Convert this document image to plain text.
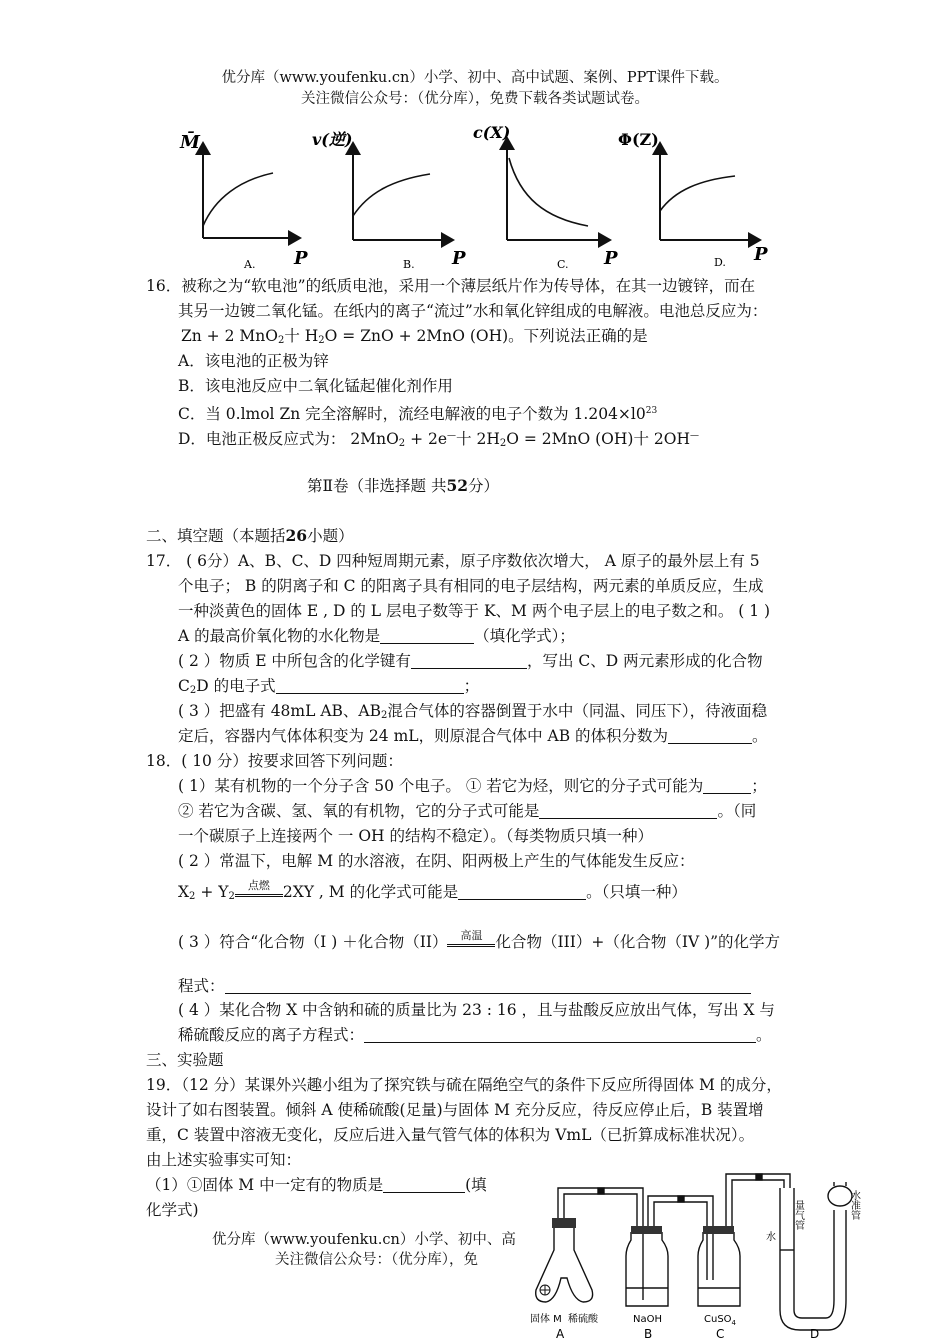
优分库（www.youfenku.cn）小学、初中、高中试题、案例、PPT课件下载。
关注微信公众号：（优分库），免费下载各类试题试卷。
M̄
P
A.
v(逆)
P
B.
c(X)
P
C.
Φ(Z)
P
D.
16．被称之为“软电池”的纸质电池，采用一个薄层纸片作为传导体，在其一边镀锌，而在
其另一边镀二氧化锰。在纸内的离子“流过”水和氧化锌组成的电解液。电池总反应为：
Zn + 2 MnO$_2$十 $H_2O$ = ZnO + 2MnO (OH)。下列说法正确的是
A．该电池的正极为锌
B．该电池反应中二氧化锰起催化剂作用
C．当 0.lmol Zn 完全溶解时，流经电解液的电子个数为 $1.204\times l0^{23}$
D．电池正极反应式为： 2MnO$_2$ + 2e—十 $2H_2O = 2MnO$ (OH)十 2OH—
第Ⅱ卷（非选择题 共52分）
二、填空题（本题括26小题）
17． ( 6分）A、B、C、D 四种短周期元素，原子序数依次增大， A 原子的最外层上有 5
个电子； B 的阴离子和 C 的阳离子具有相同的电子层结构，两元素的单质反应，生成
一种淡黄色的固体 E , D 的 L 层电子数等于 K、M 两个电子层上的电子数之和。 ( 1 )
A 的最高价氧化物的水化物是	（填化学式）；
( 2 ）物质 E 中所包含的化学键有	，写出 C、D 两元素形成的化合物
$C_2D$ 的电子式	；
( 3 ）把盛有 48mL AB、$AB_2$混合气体的容器倒置于水中（同温、同压下），待液面稳
定后，容器内气体体积变为 24 mL，则原混合气体中 AB 的体积分数为	。
18．( 10 分）按要求回答下列问题：
( 1）某有机物的一个分子含 50 个电子。 ① 若它为烃，则它的分子式可能为	；
② 若它为含碳、氢、氧的有机物，它的分子式可能是	。（同
一个碳原子上连接两个 一 OH 的结构不稳定）。（每类物质只填一种）
( 2 ）常温下，电解 M 的水溶液，在阴、阳两极上产生的气体能发生反应：
$X_2 + Y_2$
点燃 2XY , M 的化学式可能是	。（只填一种）
( 3 ）符合“化合物（I ) ＋化合物（II）	高温 化合物（III）+（化合物（IV )”的化学方
程式：
( 4 ）某化合物 X 中含钠和硫的质量比为 23 : 16 ，且与盐酸反应放出气体，写出 X 与
稀硫酸反应的离子方程式：	。
三、实验题
19．（12 分）某课外兴趣小组为了探究铁与硫在隔绝空气的条件下反应所得固体 M 的成分，
设计了如右图装置。倾斜 A 使稀硫酸(足量)与固体 M 充分反应，待反应停止后，B 装置增
重，C 装置中溶液无变化，反应后进入量气管气体的体积为 VmL（已折算成标准状况）。
由上述实验事实可知：
（1）①固体 M 中一定有的物质是	(填
化学式)
优分库（www.youfenku.cn）小学、初中、高
关注微信公众号：（优分库），免
固体 M 稀硫酸	NaOH	CuSO$_4$
水
量气管	水准管
A	B	C	D
